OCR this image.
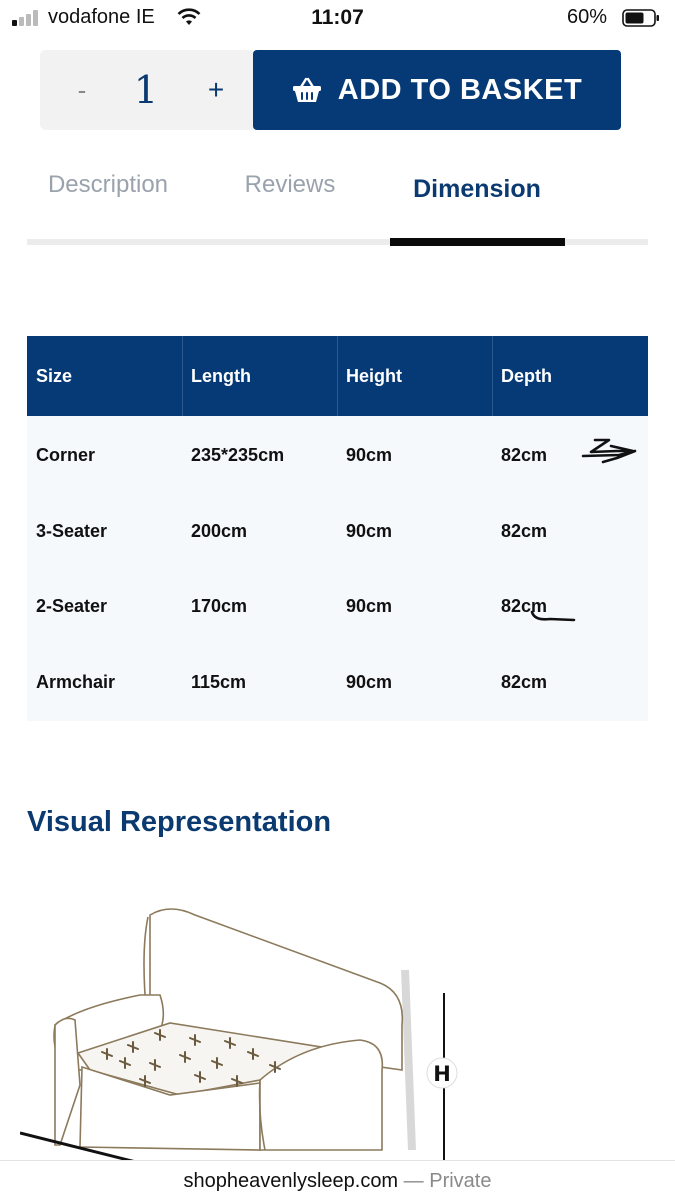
vodafone IE	11:07	60%
- 1 +	ADD TO BASKET
Description	Reviews	Dimension
Size	Length	Height	Depth
Corner	235*235cm	90cm	82cm
3-Seater	200cm	90cm	82cm
2-Seater	170cm	90cm	82cm
Armchair	115cm	90cm	82cm
Visual Representation
H
shopheavenlysleep.com — Private
